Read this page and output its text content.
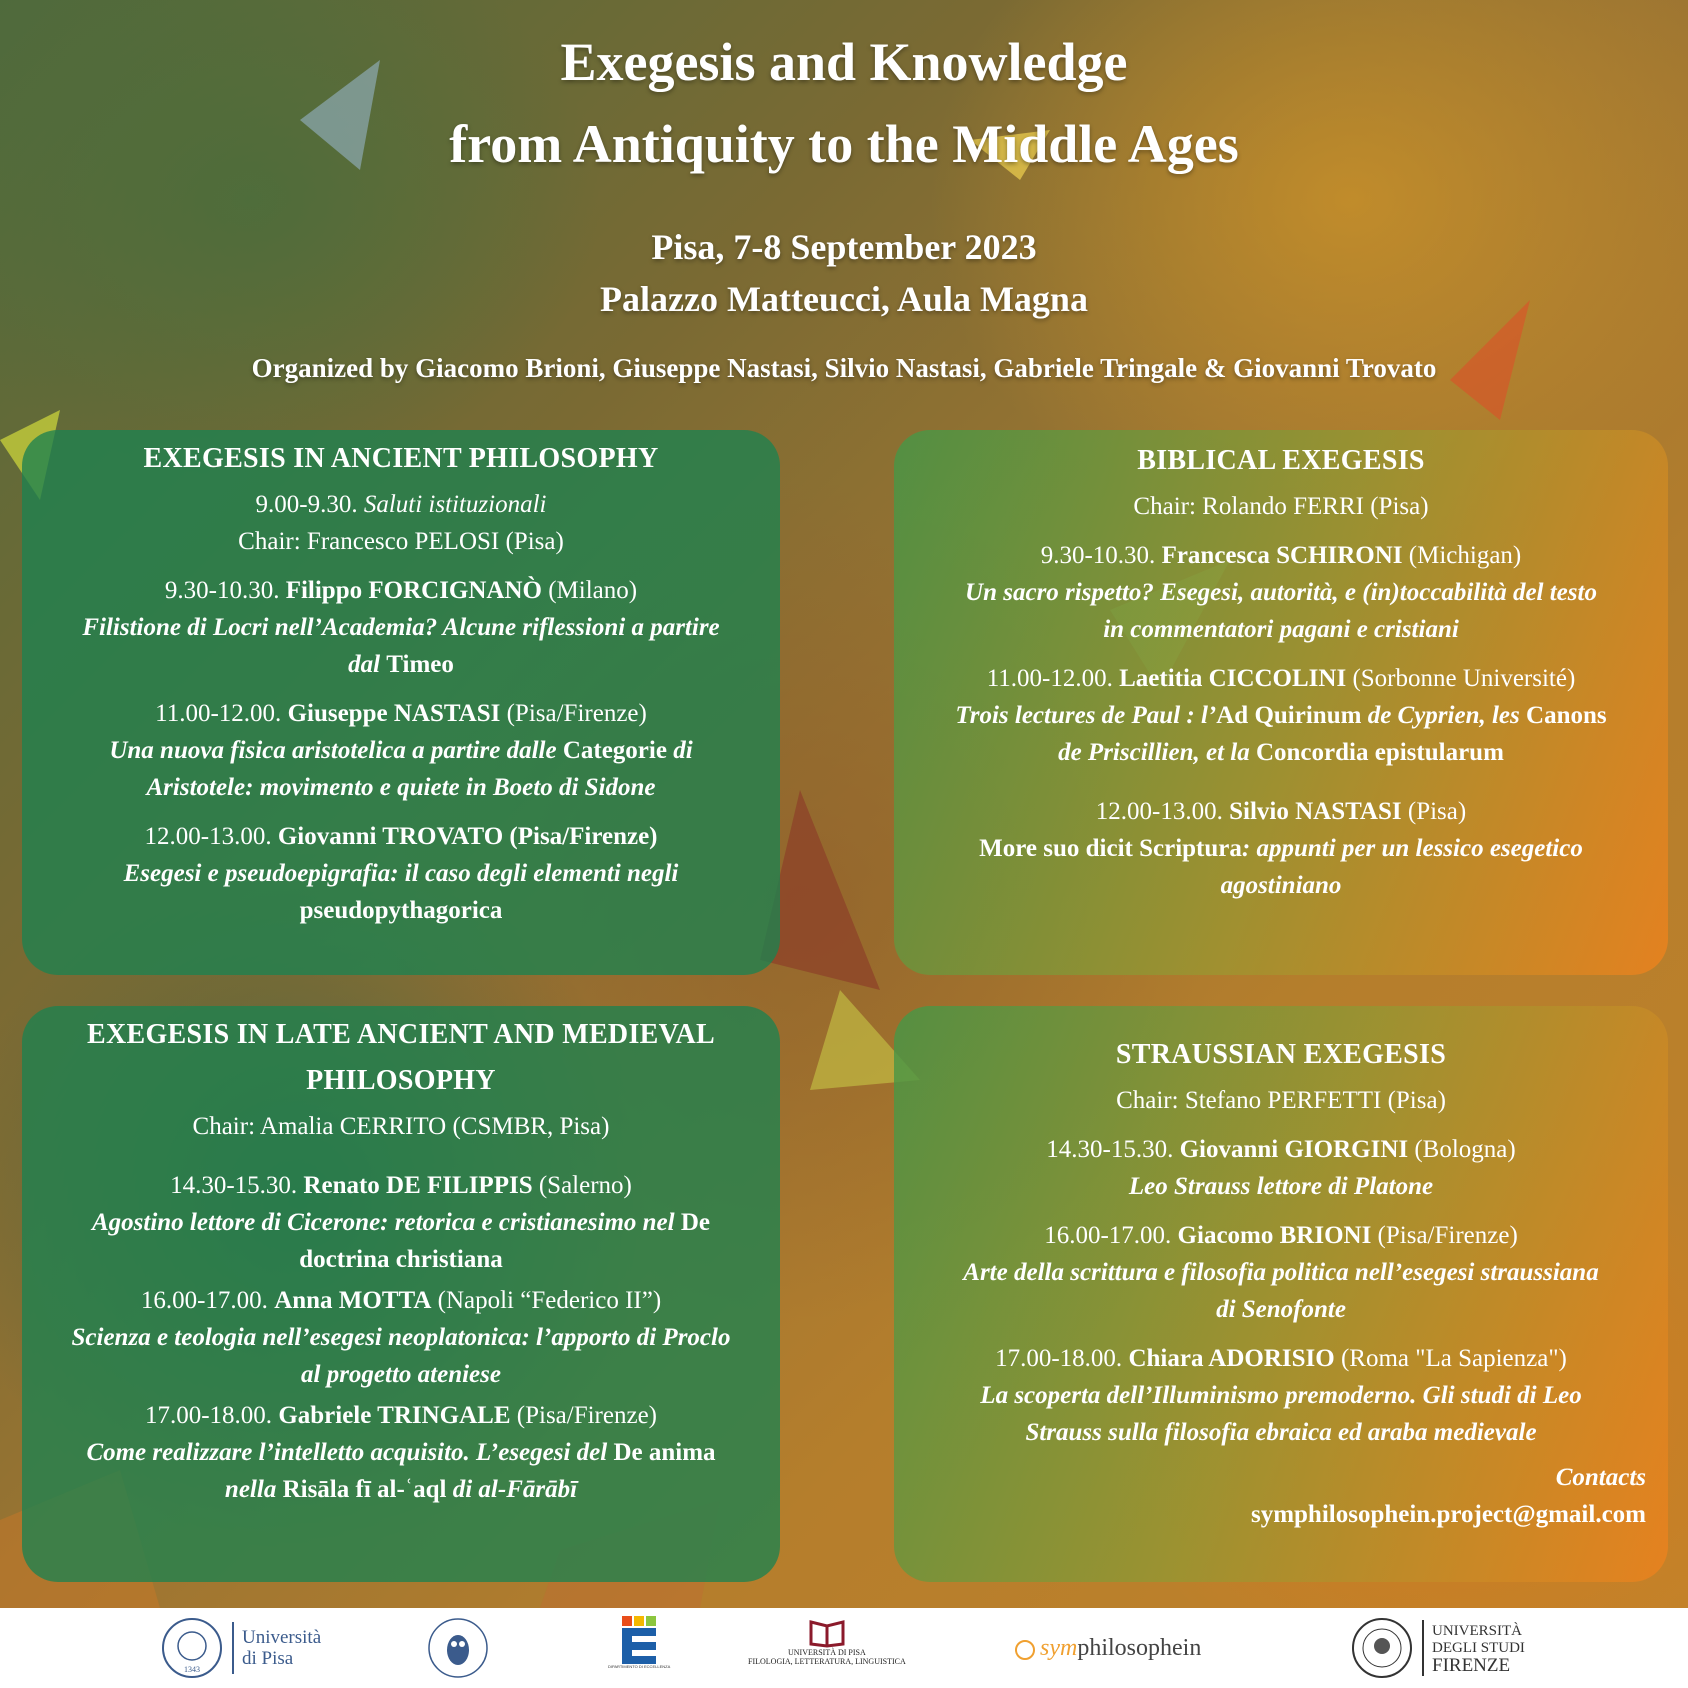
Exegesis and Knowledge
from Antiquity to the Middle Ages
Pisa, 7-8 September 2023
Palazzo Matteucci, Aula Magna
Organized by Giacomo Brioni, Giuseppe Nastasi, Silvio Nastasi, Gabriele Tringale & Giovanni Trovato
EXEGESIS IN ANCIENT PHILOSOPHY
9.00-9.30. Saluti istituzionali
Chair: Francesco PELOSI (Pisa)
9.30-10.30. Filippo FORCIGNANÒ (Milano)
Filistione di Locri nell’Academia? Alcune riflessioni a partire
dal Timeo
11.00-12.00. Giuseppe NASTASI (Pisa/Firenze)
Una nuova fisica aristotelica a partire dalle Categorie di
Aristotele: movimento e quiete in Boeto di Sidone
12.00-13.00. Giovanni TROVATO (Pisa/Firenze)
Esegesi e pseudoepigrafia: il caso degli elementi negli
pseudopythagorica
BIBLICAL EXEGESIS
Chair: Rolando FERRI (Pisa)
9.30-10.30. Francesca SCHIRONI (Michigan)
Un sacro rispetto? Esegesi, autorità, e (in)toccabilità del testo
in commentatori pagani e cristiani
11.00-12.00. Laetitia CICCOLINI (Sorbonne Université)
Trois lectures de Paul : l’Ad Quirinum de Cyprien, les Canons
de Priscillien, et la Concordia epistularum
12.00-13.00. Silvio NASTASI (Pisa)
More suo dicit Scriptura: appunti per un lessico esegetico
agostiniano
EXEGESIS IN LATE ANCIENT AND MEDIEVAL
PHILOSOPHY
Chair: Amalia CERRITO (CSMBR, Pisa)
14.30-15.30. Renato DE FILIPPIS (Salerno)
Agostino lettore di Cicerone: retorica e cristianesimo nel De
doctrina christiana
16.00-17.00. Anna MOTTA (Napoli “Federico II”)
Scienza e teologia nell’esegesi neoplatonica: l’apporto di Proclo
al progetto ateniese
17.00-18.00. Gabriele TRINGALE (Pisa/Firenze)
Come realizzare l’intelletto acquisito. L’esegesi del De anima
nella Risāla fī al-ʿaql di al-Fārābī
STRAUSSIAN EXEGESIS
Chair: Stefano PERFETTI (Pisa)
14.30-15.30. Giovanni GIORGINI (Bologna)
Leo Strauss lettore di Platone
16.00-17.00. Giacomo BRIONI (Pisa/Firenze)
Arte della scrittura e filosofia politica nell’esegesi straussiana
di Senofonte
17.00-18.00. Chiara ADORISIO (Roma "La Sapienza")
La scoperta dell’Illuminismo premoderno. Gli studi di Leo
Strauss sulla filosofia ebraica ed araba medievale
Contacts
symphilosophein.project@gmail.com
1343
Università
di Pisa	DIPARTIMENTO DI ECCELLENZA
UNIVERSITÀ DI PISA
FILOLOGIA, LETTERATURA, LINGUISTICA
sym philosophein
UNIVERSITÀ
DEGLI STUDI
FIRENZE
